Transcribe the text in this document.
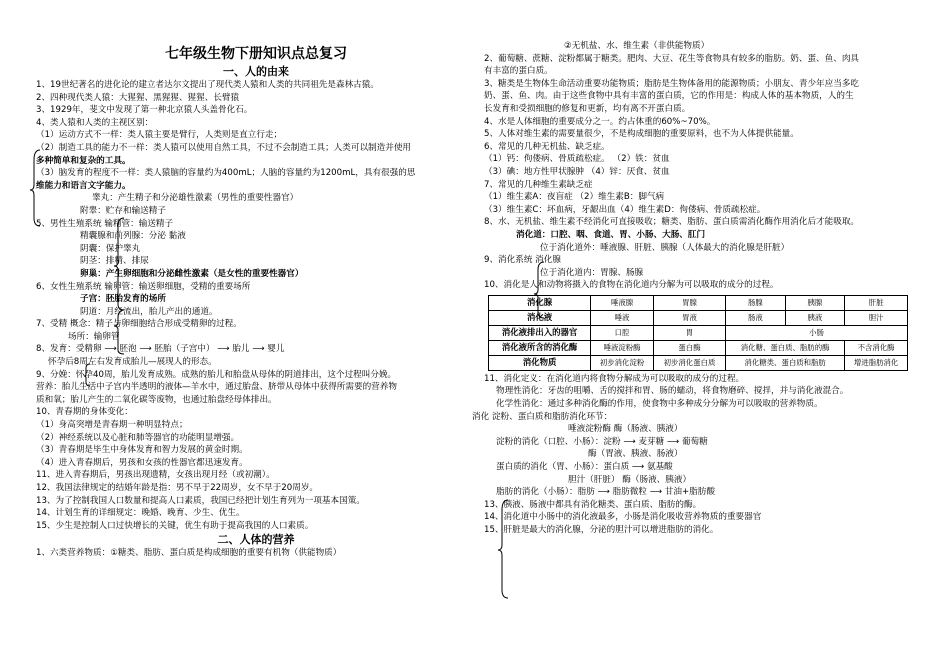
七年级生物下册知识点总复习
一、人的由来
1、19世纪著名的进化论的建立者达尔文提出了现代类人猿和人类的共同祖先是森林古猿。
2、四种现代类人猿：大猩猩、黑猩猩、猩猩、长臂猿
3、1929年，斐文中发现了第一种北京猿人头盖骨化石。
4、类人猿和人类的主视区别：
（1）运动方式不一样：类人猿主要是臂行，人类则是直立行走；
（2）制造工具的能力不一样：类人猿可以使用自然工具，不过不会制造工具；人类可以制造并使用
多种简单和复杂的工具。
（3）脑发育的程度不一样：类人猿脑的容量约为400mL；人脑的容量约为1200mL，具有很强的思
维能力和语言文字能力。
睾丸：产生精子和分泌雄性激素（男性的重要性器官）
附睾：贮存和输送精子
5、男性生殖系统 输精管：输送精子
精囊腺和前列腺：分泌 黏液
阴囊：保护睾丸
阴茎：排精、排尿
卵巢：产生卵细胞和分泌雌性激素（是女性的重要性器官）
6、女性生殖系统 输卵管：输送卵细胞，受精的重要场所
子宫：胚胎发育的场所
阴道：月经流出，胎儿产出的通道。
7、受精 概念：精子与卵细胞结合形成受精卵的过程。
场所：输卵管
8、发育：受精卵 ⟶ 胚泡 ⟶ 胚胎（子宫中） ⟶ 胎儿 ⟶ 婴儿
怀孕后8周左右发育成胎儿—展现人的形态。
9、分娩：怀孕40周，胎儿发育成熟。成熟的胎儿和胎盘从母体的阴道排出，这个过程叫分娩。
营养：胎儿生活中子宫内半透明的液体—羊水中，通过胎盘、脐带从母体中获得所需要的营养物
质和氧；胎儿产生的二氧化碳等废物，也通过胎盘经母体排出。
10、青春期的身体变化：
（1）身高突增是青春期一种明显特点；
（2）神经系统以及心脏和肺等器官的功能明显增强。
（3）青春期是毕生中身体发育和智力发展的黄金时期。
（4）进入青春期后，男孩和女孩的性器官都迅速发育。
11、进入青春期后，男孩出现遗精，女孩出现月经（或初潮）。
12、我国法律规定的结婚年龄是指：男不早于22周岁，女不早于20周岁。
13、为了控制我国人口数量和提高人口素质，我国已经把计划生育列为一项基本国策。
14、计划生育的详细规定：晚婚、晚育、少生、优生。
15、少生是控制人口过快增长的关键，优生有助于提高我国的人口素质。
二、人体的营养
1、六类营养物质：①糖类、脂肪、蛋白质是构成细胞的重要有机物（供能物质）
②无机盐、水、维生素（非供能物质）
2、葡萄糖、蔗糖、淀粉都属于糖类。肥肉、大豆、花生等食物具有较多的脂肪。奶、蛋、鱼、肉具
有丰富的蛋白质。
3、糖类是生物体生命活动重要功能物质；脂肪是生物体备用的能源物质；小朋友、青少年应当多吃
奶、蛋、鱼、肉。由于这些食物中具有丰富的蛋白质，它的作用是：构成人体的基本物质，人的生
长发育和受损细胞的修复和更新，均有离不开蛋白质。
4、水是人体细胞的重要成分之一。约占体重的60%~70%。
5、人体对维生素的需要量很少，不是构成细胞的重要原料，也不为人体提供能量。
6、常见的几种无机盐、缺乏症。
（1）钙：佝偻病、骨质疏松症。 （2）铁：贫血
（3）碘：地方性甲状腺肿 （4）锌：厌食、贫血
7、常见的几种维生素缺乏症
（1）维生素A：夜盲症 （2）维生素B：脚气病
（3）维生素C：坏血病，牙龈出血（4）维生素D：佝偻病、骨质疏松症。
8、水、无机盐、维生素不经消化可直接吸收；糖类、脂肪、蛋白质需消化酶作用消化后才能吸取。
消化道：口腔、咽、食道、胃、小肠、大肠、肛门
位于消化道外：唾液腺、肝脏、胰腺（人体最大的消化腺是肝脏）
9、消化系统 消化腺
位于消化道内：胃腺、肠腺
10、消化是人和动物将摄入的食物在消化道内分解为可以吸取的成分的过程。
消化腺	唾液腺	胃腺	肠腺	胰腺	肝脏
消化液	唾液	胃液	肠液	胰液	胆汁
消化液排出入的器官	口腔	胃	小肠		
消化液所含的消化酶	唾液淀粉酶	蛋白酶	消化糖、蛋白质、脂肪的酶		不含消化酶
消化物质	初步消化淀粉	初步消化蛋白质	消化糖类、蛋白质和脂肪		增进脂肪消化
11、消化定义：在消化道内将食物分解成为可以吸取的成分的过程。
物理性消化：牙齿的咀嚼、舌的搅拌和胃、肠的蠕动，将食物磨碎、搅拌，并与消化液混合。
化学性消化：通过多种消化酶的作用，使食物中多种成分分解为可以吸取的营养物质。
消化 淀粉、蛋白质和脂肪消化环节：
唾液淀粉酶 酶（肠液、胰液）
淀粉的消化（口腔、小肠）：淀粉 ⟶ 麦芽糖 ⟶ 葡萄糖
酶（胃液、胰液、肠液）
蛋白质的消化（胃、小肠）：蛋白质 ⟶ 氨基酸
胆汁（肝脏） 酶（肠液、胰液）
脂肪的消化（小肠）：脂肪 ⟶ 脂肪微粒 ⟶ 甘油+脂肪酸
13、胰液、肠液中都具有消化糖类、蛋白质、脂肪的酶。
14、消化道中小肠中的消化液最多，小肠是消化吸收营养物质的重要器官
15、肝脏是最大的消化腺，分泌的胆汁可以增进脂肪的消化。
